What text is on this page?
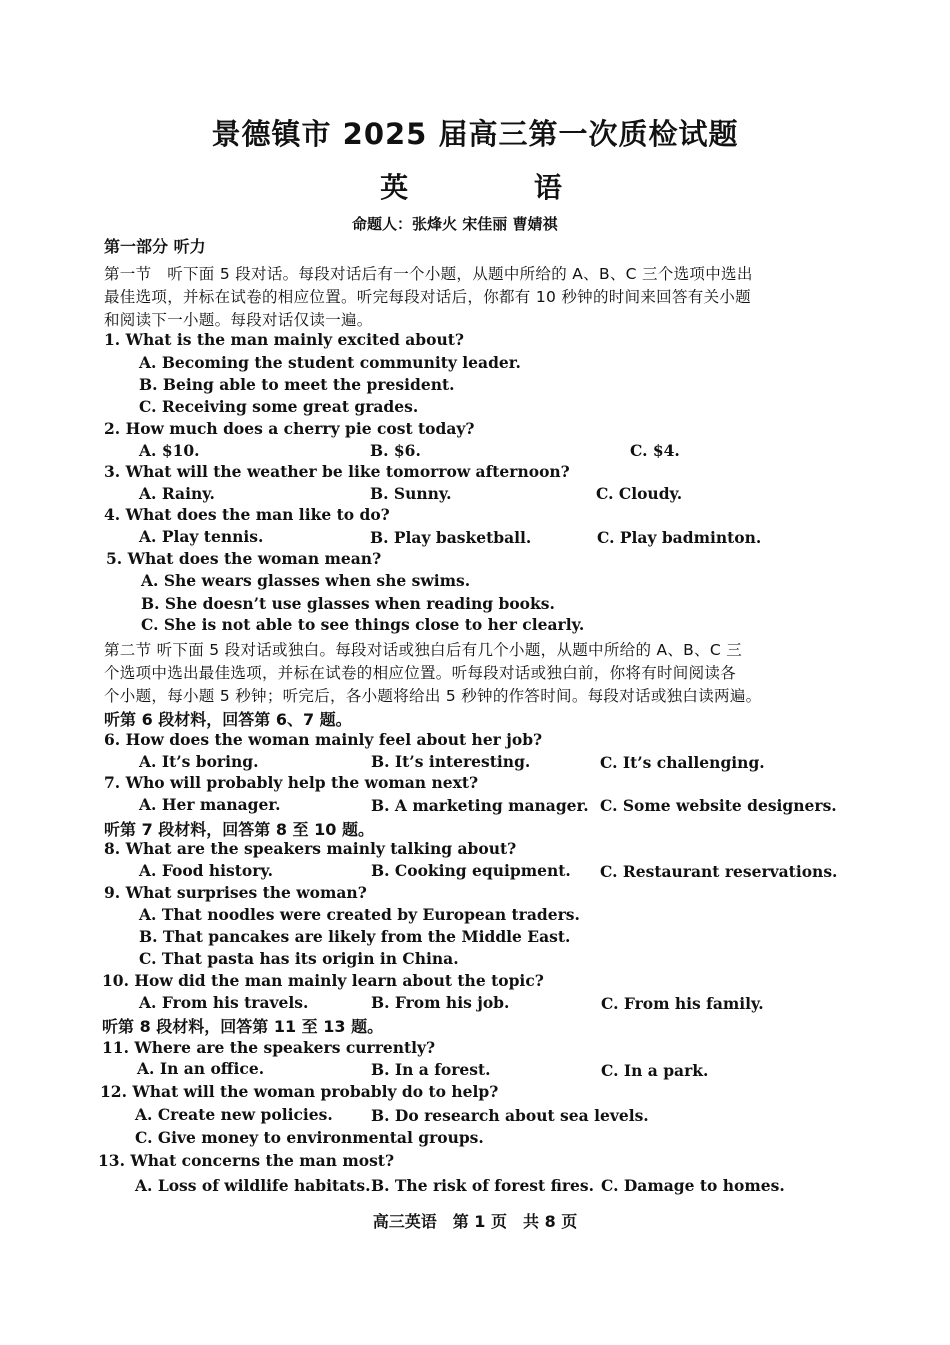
景德镇市 2025 届高三第一次质检试题
英 语
命题人：张烽火 宋佳丽 曹婧祺
第一部分 听力
第一节　听下面 5 段对话。每段对话后有一个小题，从题中所给的 A、B、C 三个选项中选出
最佳选项，并标在试卷的相应位置。听完每段对话后，你都有 10 秒钟的时间来回答有关小题
和阅读下一小题。每段对话仅读一遍。
1. What is the man mainly excited about?
A. Becoming the student community leader.
B. Being able to meet the president.
C. Receiving some great grades.
2. How much does a cherry pie cost today?
A. $10.	B. $6.	C. $4.
3. What will the weather be like tomorrow afternoon?
A. Rainy.	B. Sunny.	C. Cloudy.
4. What does the man like to do?
A. Play tennis.	B. Play basketball.	C. Play badminton.
5. What does the woman mean?
A. She wears glasses when she swims.
B. She doesn’t use glasses when reading books.
C. She is not able to see things close to her clearly.
第二节 听下面 5 段对话或独白。每段对话或独白后有几个小题，从题中所给的 A、B、C 三
个选项中选出最佳选项，并标在试卷的相应位置。听每段对话或独白前，你将有时间阅读各
个小题，每小题 5 秒钟；听完后，各小题将给出 5 秒钟的作答时间。每段对话或独白读两遍。
听第 6 段材料，回答第 6、7 题。
6. How does the woman mainly feel about her job?
A. It’s boring.	B. It’s interesting.	C. It’s challenging.
7. Who will probably help the woman next?
A. Her manager.	B. A marketing manager. C. Some website designers.
听第 7 段材料，回答第 8 至 10 题。
8. What are the speakers mainly talking about?
A. Food history.	B. Cooking equipment. C. Restaurant reservations.
9. What surprises the woman?
A. That noodles were created by European traders.
B. That pancakes are likely from the Middle East.
C. That pasta has its origin in China.
10. How did the man mainly learn about the topic?
A. From his travels.	B. From his job.	C. From his family.
听第 8 段材料，回答第 11 至 13 题。
11. Where are the speakers currently?
A. In an office.	B. In a forest.	C. In a park.
12. What will the woman probably do to help?
A. Create new policies. B. Do research about sea levels.
C. Give money to environmental groups.
13. What concerns the man most?
A. Loss of wildlife habitats. B. The risk of forest fires. C. Damage to homes.
高三英语　第 1 页　共 8 页
